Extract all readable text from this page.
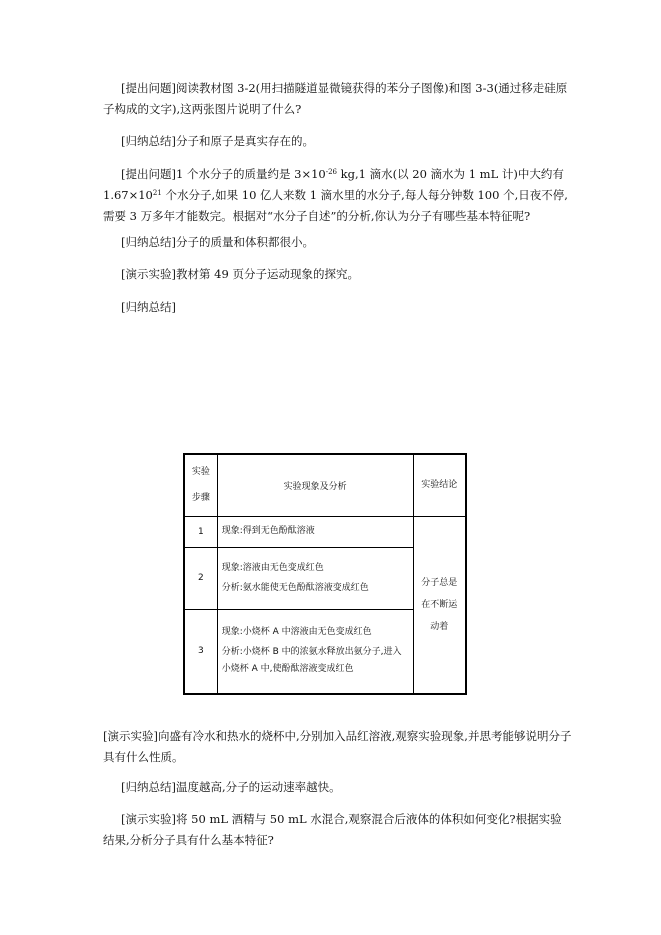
[提出问题]阅读教材图 3-2(用扫描隧道显微镜获得的苯分子图像)和图 3-3(通过移走硅原子构成的文字),这两张图片说明了什么?

[归纳总结]分子和原子是真实存在的。

[提出问题]1 个水分子的质量约是 $3\times 10^{-26}$ kg,1 滴水(以 20 滴水为 1 mL 计)中大约有 $1.67\times 10^{21}$ 个水分子,如果 10 亿人来数 1 滴水里的水分子,每人每分钟数 100 个,日夜不停,需要 3 万多年才能数完。根据对“水分子自述”的分析,你认为分子有哪些基本特征呢?

[归纳总结]分子的质量和体积都很小。

[演示实验]教材第 49 页分子运动现象的探究。

[归纳总结]

实验步骤	实验现象及分析	实验结论
1	现象:得到无色酚酞溶液	分子总是在不断运动着
2	现象:溶液由无色变成红色
分析:氨水能使无色酚酞溶液变成红色	

3	现象:小烧杯 A 中溶液由无色变成红色
分析:小烧杯 B 中的浓氨水释放出氨分子,进入小烧杯 A 中,使酚酞溶液变成红色	

[演示实验]向盛有冷水和热水的烧杯中,分别加入品红溶液,观察实验现象,并思考能够说明分子具有什么性质。

[归纳总结]温度越高,分子的运动速率越快。

[演示实验]将 50 mL 酒精与 50 mL 水混合,观察混合后液体的体积如何变化?根据实验结果,分析分子具有什么基本特征?
